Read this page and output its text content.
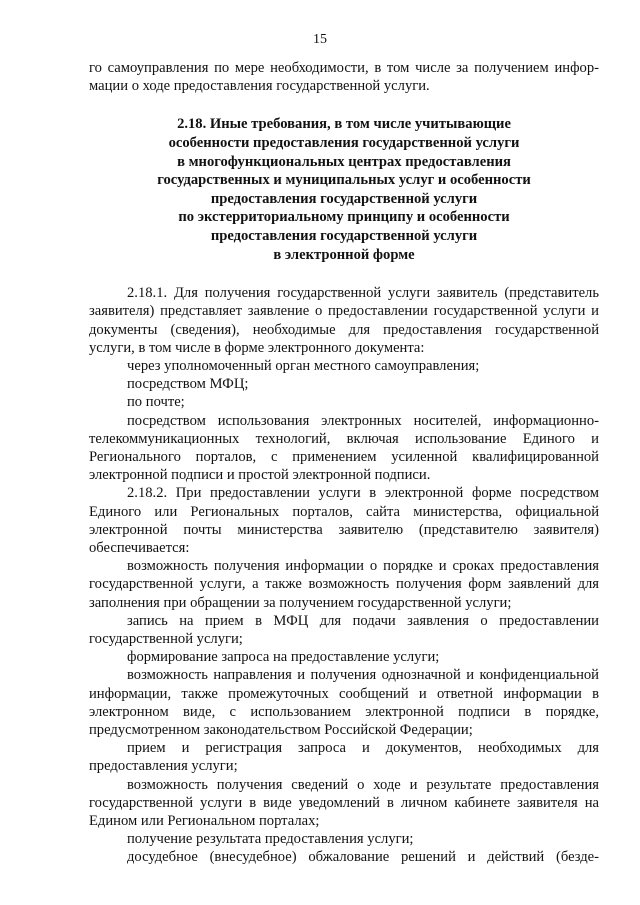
15
го самоуправления по мере необходимости, в том числе за получением инфор-
мации о ходе предоставления государственной услуги.
2.18. Иные требования, в том числе учитывающие
особенности предоставления государственной услуги
в многофункциональных центрах предоставления
государственных и муниципальных услуг и особенности
предоставления государственной услуги
по экстерриториальному принципу и особенности
предоставления государственной услуги
в электронной форме

2.18.1. Для получения государственной услуги заявитель (представитель заявителя) представляет заявление о предоставлении государственной услуги и документы (сведения), необходимые для предоставления государственной услуги, в том числе в форме электронного документа:

через уполномоченный орган местного самоуправления;

посредством МФЦ;

по почте;

посредством использования электронных носителей, информационно-телекоммуникационных технологий, включая использование Единого и Регионального порталов, с применением усиленной квалифицированной электронной подписи и простой электронной подписи.

2.18.2. При предоставлении услуги в электронной форме посредством Единого или Региональных порталов, сайта министерства, официальной электронной почты министерства заявителю (представителю заявителя) обеспечивается:

возможность получения информации о порядке и сроках предоставления государственной услуги, а также возможность получения форм заявлений для заполнения при обращении за получением государственной услуги;

запись на прием в МФЦ для подачи заявления о предоставлении государственной услуги;

формирование запроса на предоставление услуги;

возможность направления и получения однозначной и конфиденциальной информации, также промежуточных сообщений и ответной информации в электронном виде, с использованием электронной подписи в порядке, предусмотренном законодательством Российской Федерации;

прием и регистрация запроса и документов, необходимых для предоставления услуги;

возможность получения сведений о ходе и результате предоставления государственной услуги в виде уведомлений в личном кабинете заявителя на Едином или Региональном порталах;

получение результата предоставления услуги;

досудебное (внесудебное) обжалование решений и действий (безде-
